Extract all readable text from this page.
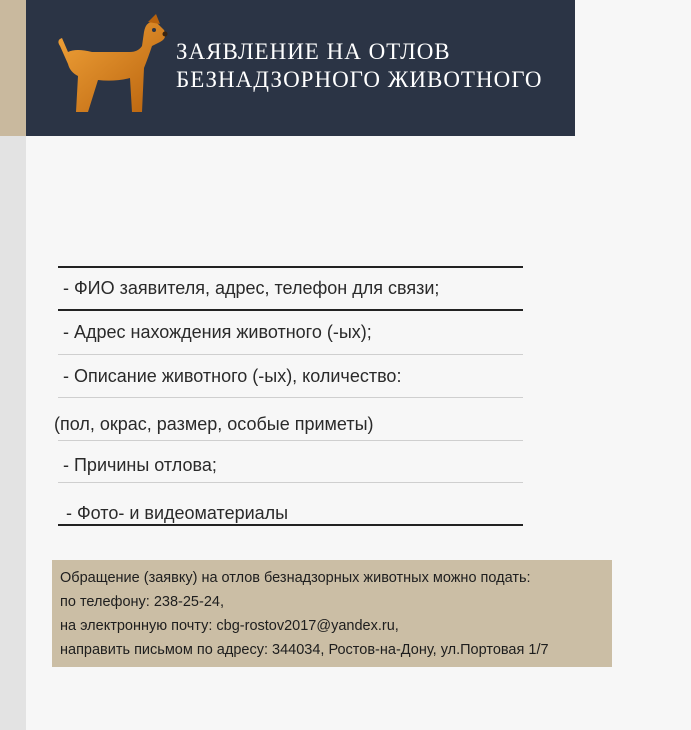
ЗАЯВЛЕНИЕ НА ОТЛОВ
БЕЗНАДЗОРНОГО ЖИВОТНОГО
- ФИО заявителя, адрес, телефон для связи;
- Адрес нахождения животного (-ых);
- Описание животного (-ых), количество:
(пол, окрас, размер, особые приметы)
- Причины отлова;
- Фото- и видеоматериалы
Обращение (заявку) на отлов безнадзорных животных можно подать:
по телефону: 238-25-24,
на электронную почту: cbg-rostov2017@yandex.ru,
направить письмом по адресу: 344034, Ростов-на-Дону, ул.Портовая 1/7
